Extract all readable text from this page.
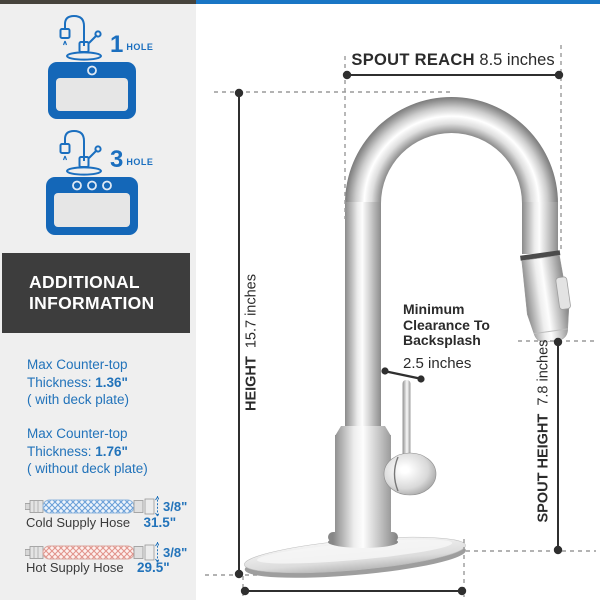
1 HOLE
3 HOLE
ADDITIONAL
INFORMATION
Max Counter-top
Thickness: 1.36"
( with deck plate)
Max Counter-top
Thickness: 1.76"
( without deck plate)
3/8"
Cold Supply Hose 31.5"
3/8"
Hot Supply Hose 29.5"
SPOUT REACH 8.5 inches
HEIGHT  15.7 inches	Minimum
Clearance To
Backsplash
2.5 inches
SPOUT HEIGHT  7.8 inches
